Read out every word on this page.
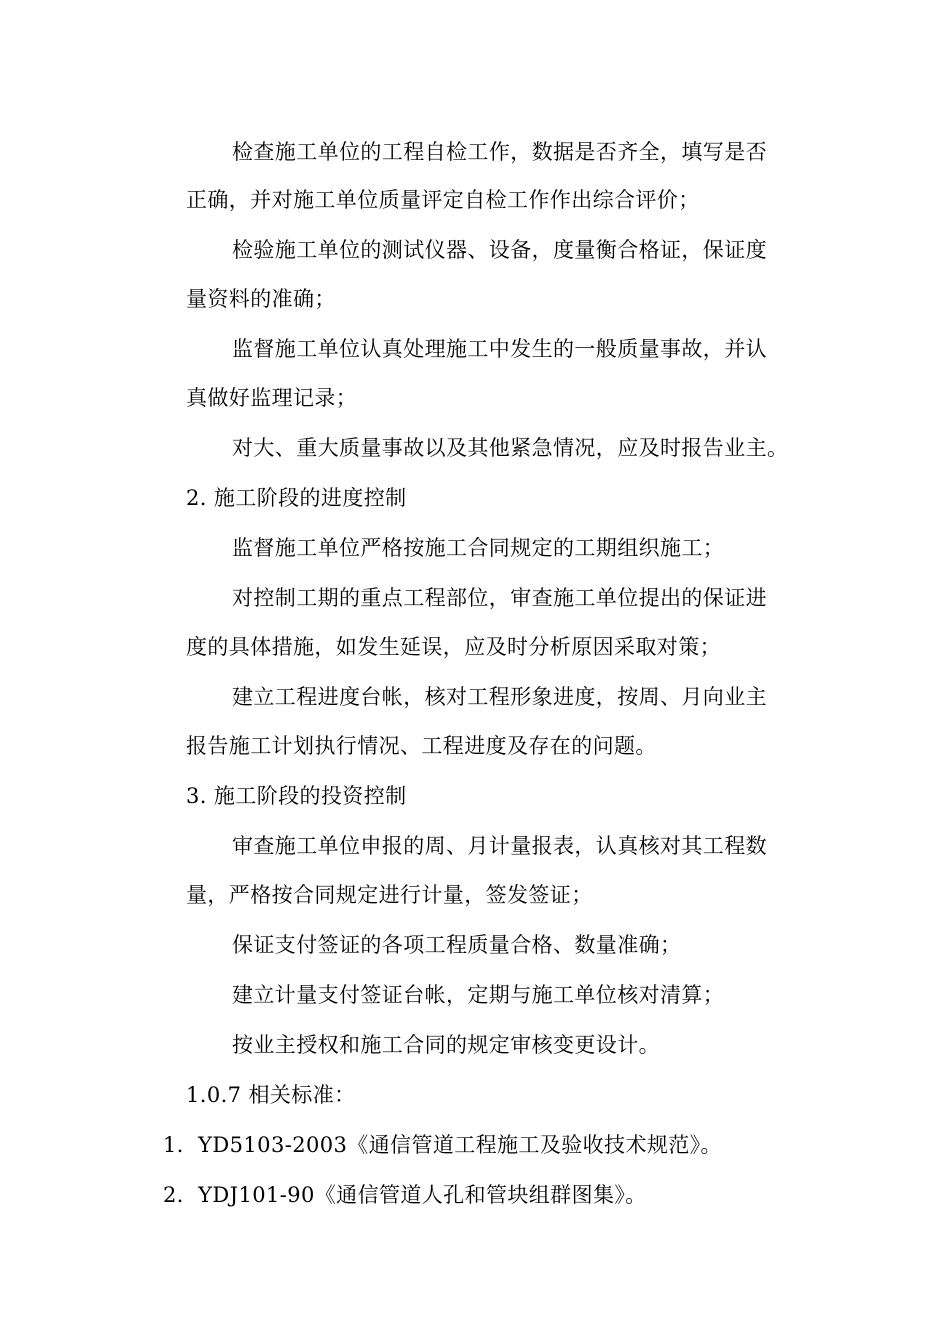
检查施工单位的工程自检工作，数据是否齐全，填写是否
正确，并对施工单位质量评定自检工作作出综合评价；
检验施工单位的测试仪器、设备，度量衡合格证，保证度
量资料的准确；
监督施工单位认真处理施工中发生的一般质量事故，并认
真做好监理记录；
对大、重大质量事故以及其他紧急情况，应及时报告业主。
2. 施工阶段的进度控制
监督施工单位严格按施工合同规定的工期组织施工；
对控制工期的重点工程部位，审查施工单位提出的保证进
度的具体措施，如发生延误，应及时分析原因采取对策；
建立工程进度台帐，核对工程形象进度，按周、月向业主
报告施工计划执行情况、工程进度及存在的问题。
3. 施工阶段的投资控制
审查施工单位申报的周、月计量报表，认真核对其工程数
量，严格按合同规定进行计量，签发签证；
保证支付签证的各项工程质量合格、数量准确；
建立计量支付签证台帐，定期与施工单位核对清算；
按业主授权和施工合同的规定审核变更设计。
1.0.7 相关标准：
1．YD5103-2003《通信管道工程施工及验收技术规范》。
2．YDJ101-90《通信管道人孔和管块组群图集》。
